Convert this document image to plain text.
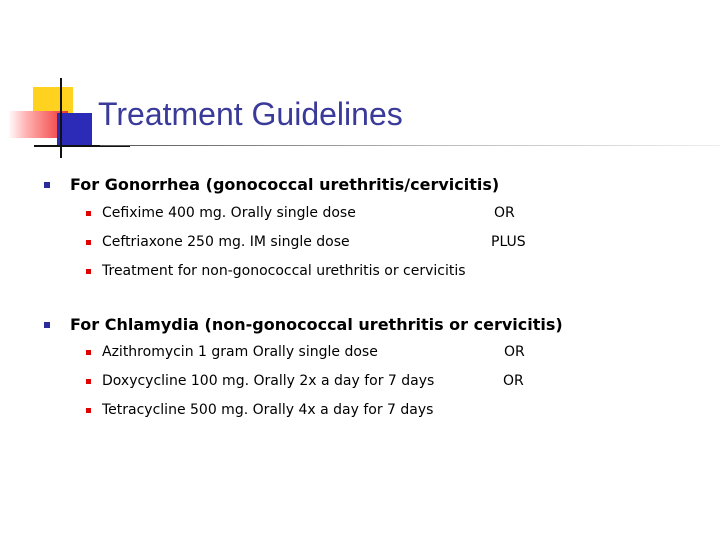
Treatment Guidelines
For Gonorrhea (gonococcal urethritis/cervicitis)
Cefixime 400 mg. Orally single dose	OR
Ceftriaxone 250 mg. IM single dose	PLUS
Treatment for non-gonococcal urethritis or cervicitis
For Chlamydia (non-gonococcal urethritis or cervicitis)
Azithromycin 1 gram Orally single dose	OR
Doxycycline 100 mg. Orally 2x a day for 7 days	OR
Tetracycline 500 mg. Orally 4x a day for 7 days
